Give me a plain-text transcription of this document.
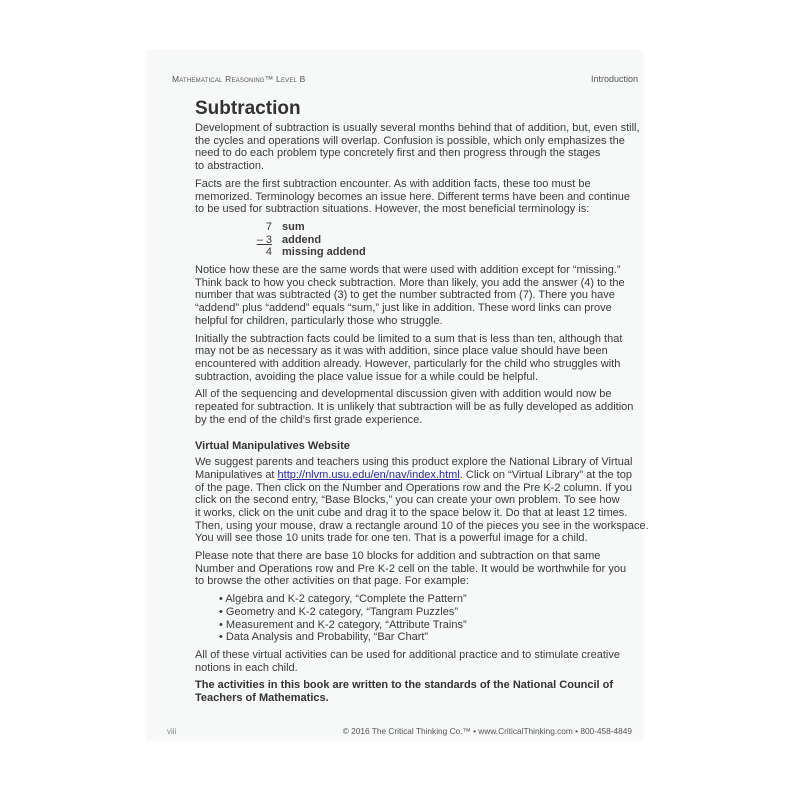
Mathematical Reasoning™ Level B	Introduction
Subtraction
Development of subtraction is usually several months behind that of addition, but, even still,
the cycles and operations will overlap. Confusion is possible, which only emphasizes the
need to do each problem type concretely first and then progress through the stages
to abstraction.
Facts are the first subtraction encounter. As with addition facts, these too must be
memorized. Terminology becomes an issue here. Different terms have been and continue
to be used for subtraction situations. However, the most beneficial terminology is:
7 sum
– 3 addend
4 missing addend
Notice how these are the same words that were used with addition except for “missing.”
Think back to how you check subtraction. More than likely, you add the answer (4) to the
number that was subtracted (3) to get the number subtracted from (7). There you have
“addend” plus “addend” equals “sum,” just like in addition. These word links can prove
helpful for children, particularly those who struggle.
Initially the subtraction facts could be limited to a sum that is less than ten, although that
may not be as necessary as it was with addition, since place value should have been
encountered with addition already. However, particularly for the child who struggles with
subtraction, avoiding the place value issue for a while could be helpful.
All of the sequencing and developmental discussion given with addition would now be
repeated for subtraction. It is unlikely that subtraction will be as fully developed as addition
by the end of the child’s first grade experience.
Virtual Manipulatives Website
We suggest parents and teachers using this product explore the National Library of Virtual
Manipulatives at http://nlvm.usu.edu/en/nav/index.html. Click on “Virtual Library” at the top
of the page. Then click on the Number and Operations row and the Pre K-2 column. If you
click on the second entry, “Base Blocks,” you can create your own problem. To see how
it works, click on the unit cube and drag it to the space below it. Do that at least 12 times.
Then, using your mouse, draw a rectangle around 10 of the pieces you see in the workspace.
You will see those 10 units trade for one ten. That is a powerful image for a child.
Please note that there are base 10 blocks for addition and subtraction on that same
Number and Operations row and Pre K-2 cell on the table. It would be worthwhile for you
to browse the other activities on that page. For example:
• Algebra and K-2 category, “Complete the Pattern”
• Geometry and K-2 category, “Tangram Puzzles”
• Measurement and K-2 category, “Attribute Trains”
• Data Analysis and Probability, “Bar Chart”
All of these virtual activities can be used for additional practice and to stimulate creative
notions in each child.
The activities in this book are written to the standards of the National Council of
Teachers of Mathematics.
viii	© 2016 The Critical Thinking Co.™ • www.CriticalThinking.com • 800-458-4849
